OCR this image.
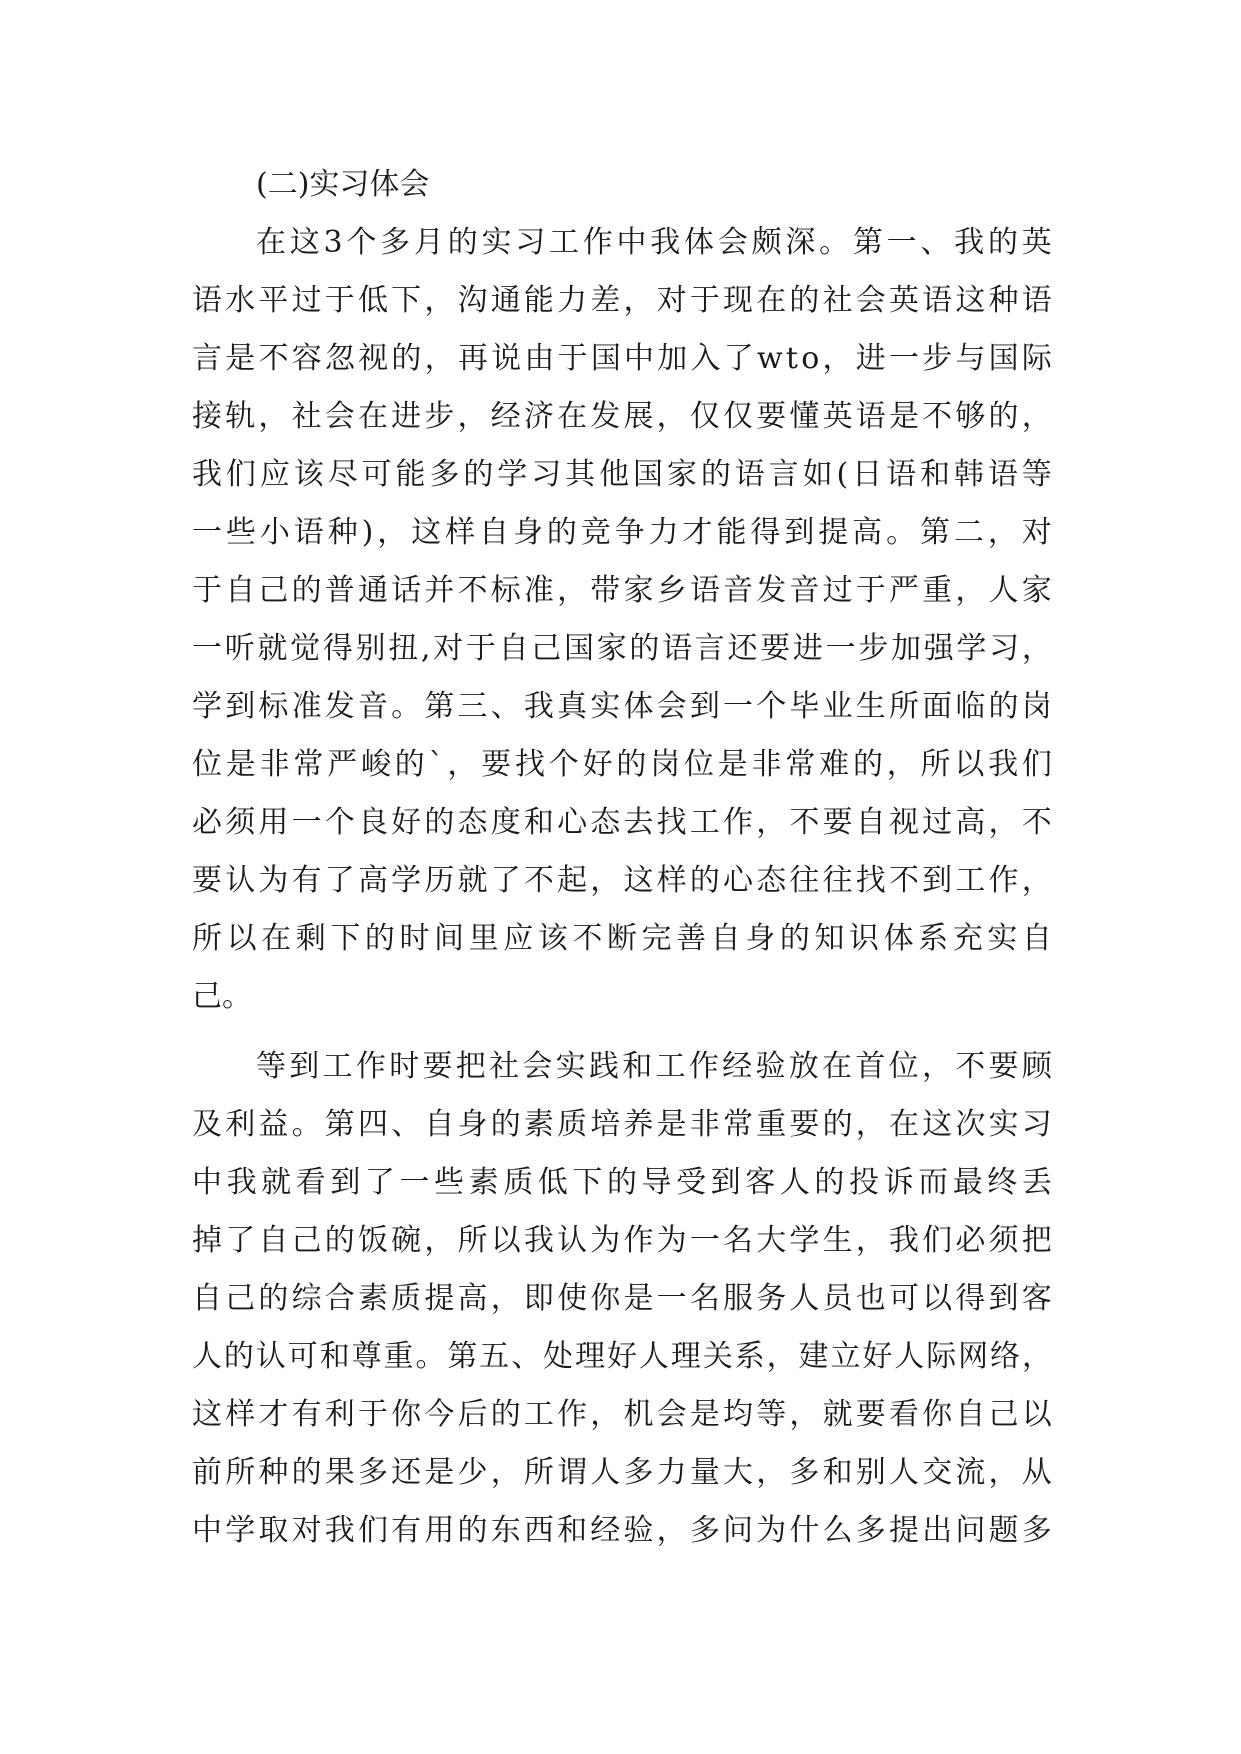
(二)实习体会
在 这 3 个 多 月 的 实 习 工 作 中 我 体 会 颇 深 。 第 一 、 我 的 英
语 水 平 过 于 低 下 ， 沟 通 能 力 差 ， 对 于 现 在 的 社 会 英 语 这 种 语
言 是 不 容 忽 视 的 ， 再 说 由 于 国 中 加 入 了 w t o ， 进 一 步 与 国 际
接 轨 ， 社 会 在 进 步 ， 经 济 在 发 展 ， 仅 仅 要 懂 英 语 是 不 够 的 ，
我 们 应 该 尽 可 能 多 的 学 习 其 他 国 家 的 语 言 如 ( 日 语 和 韩 语 等
一 些 小 语 种 ) ， 这 样 自 身 的 竞 争 力 才 能 得 到 提 高 。 第 二 ， 对
于 自 己 的 普 通 话 并 不 标 准 ， 带 家 乡 语 音 发 音 过 于 严 重 ， 人 家
一 听 就 觉 得 别 扭 , 对 于 自 己 国 家 的 语 言 还 要 进 一 步 加 强 学 习 ，
学 到 标 准 发 音 。 第 三 、 我 真 实 体 会 到 一 个 毕 业 生 所 面 临 的 岗
位 是 非 常 严 峻 的 ` ， 要 找 个 好 的 岗 位 是 非 常 难 的 ， 所 以 我 们
必 须 用 一 个 良 好 的 态 度 和 心 态 去 找 工 作 ， 不 要 自 视 过 高 ， 不
要 认 为 有 了 高 学 历 就 了 不 起 ， 这 样 的 心 态 往 往 找 不 到 工 作 ，
所 以 在 剩 下 的 时 间 里 应 该 不 断 完 善 自 身 的 知 识 体 系 充 实 自
己。
等 到 工 作 时 要 把 社 会 实 践 和 工 作 经 验 放 在 首 位 ， 不 要 顾
及 利 益 。 第 四 、 自 身 的 素 质 培 养 是 非 常 重 要 的 ， 在 这 次 实 习
中 我 就 看 到 了 一 些 素 质 低 下 的 导 受 到 客 人 的 投 诉 而 最 终 丢
掉 了 自 己 的 饭 碗 ， 所 以 我 认 为 作 为 一 名 大 学 生 ， 我 们 必 须 把
自 己 的 综 合 素 质 提 高 ， 即 使 你 是 一 名 服 务 人 员 也 可 以 得 到 客
人 的 认 可 和 尊 重 。 第 五 、 处 理 好 人 理 关 系 ， 建 立 好 人 际 网 络 ，
这 样 才 有 利 于 你 今 后 的 工 作 ， 机 会 是 均 等 ， 就 要 看 你 自 己 以
前 所 种 的 果 多 还 是 少 ， 所 谓 人 多 力 量 大 ， 多 和 别 人 交 流 ， 从
中 学 取 对 我 们 有 用 的 东 西 和 经 验 ， 多 问 为 什 么 多 提 出 问 题 多
